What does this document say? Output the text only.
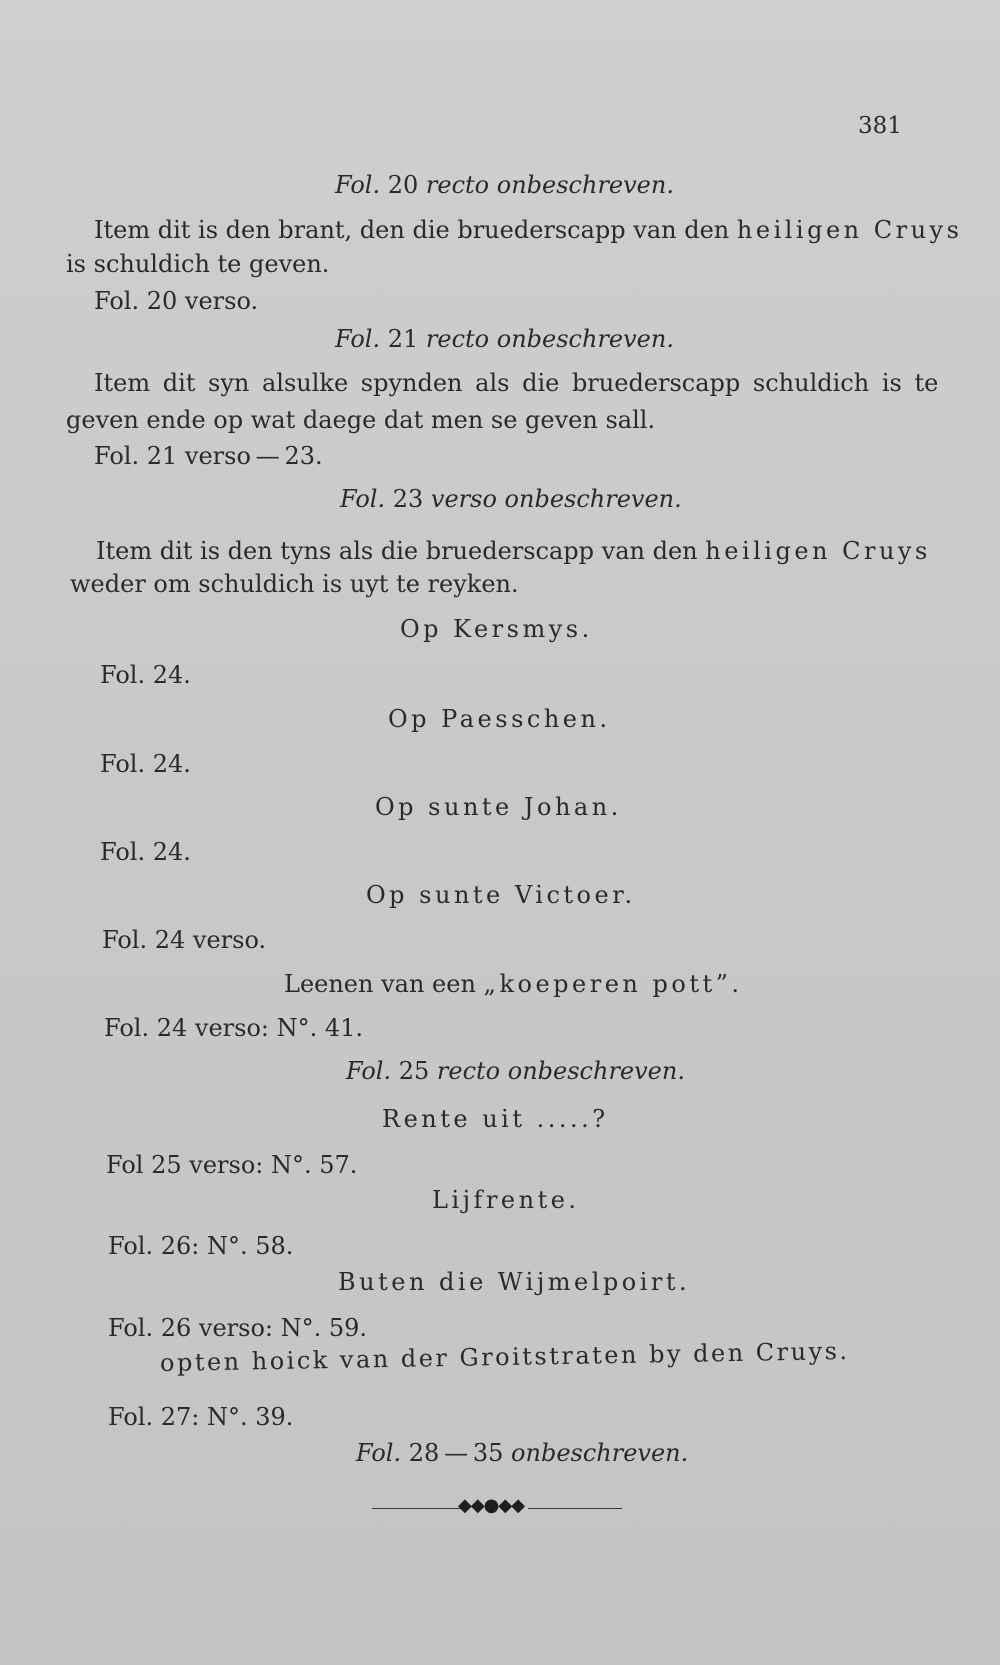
381
Fol. 20 recto onbeschreven.
Item dit is den brant, den die bruederscapp van den heiligen Cruys
is schuldich te geven.
Fol. 20 verso.
Fol. 21 recto onbeschreven.
Item dit syn alsulke spynden als die bruederscapp schuldich is te
geven ende op wat daege dat men se geven sall.
Fol. 21 verso — 23.
Fol. 23 verso onbeschreven.
Item dit is den tyns als die bruederscapp van den heiligen Cruys
weder om schuldich is uyt te reyken.
Op Kersmys.
Fol. 24.
Op Paesschen.
Fol. 24.
Op sunte Johan.
Fol. 24.
Op sunte Victoer.
Fol. 24 verso.
Leenen van een „koeperen pott”.
Fol. 24 verso: N°. 41.
Fol. 25 recto onbeschreven.
Rente uit .....?
Fol 25 verso: N°. 57.
Lijfrente.
Fol. 26: N°. 58.
Buten die Wijmelpoirt.
Fol. 26 verso: N°. 59.
opten hoick van der Groitstraten by den Cruys.
Fol. 27: N°. 39.
Fol. 28 — 35 onbeschreven.
◆◆●◆◆
